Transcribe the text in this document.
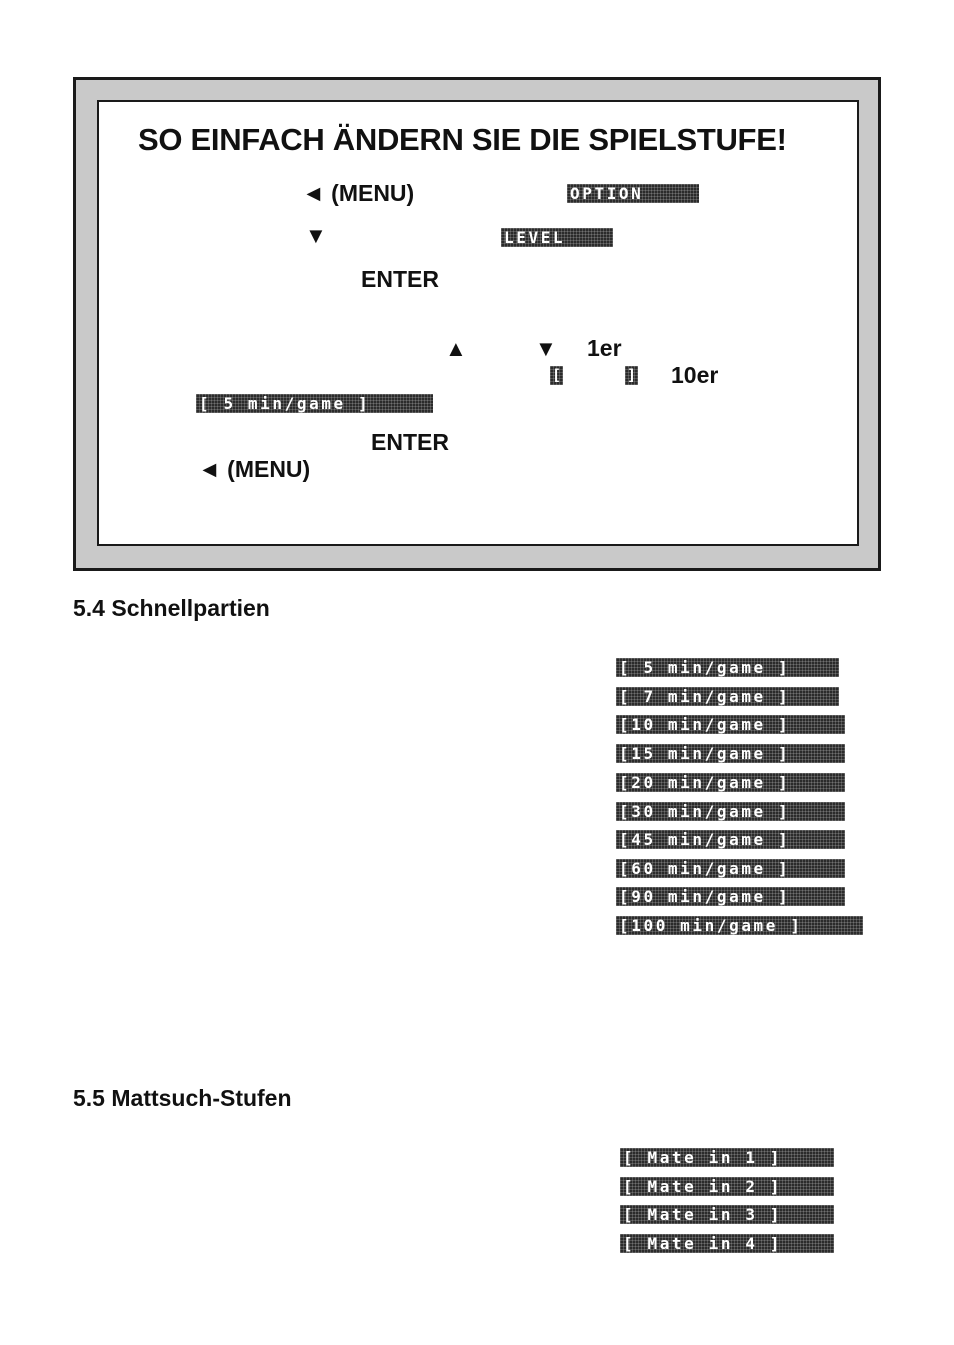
SO EINFACH ÄNDERN SIE DIE SPIELSTUFE!
◄ (MENU)	OPTION
▼	LEVEL
ENTER
▲	▼ 1er
[	] 10er
[ 5 min/game ]
ENTER
◄ (MENU)
5.4 Schnellpartien
[ 5 min/game ]
[ 7 min/game ]
[10 min/game ]
[15 min/game ]
[20 min/game ]
[30 min/game ]
[45 min/game ]
[60 min/game ]
[90 min/game ]
[100 min/game ]
5.5 Mattsuch-Stufen
[ Mate in 1 ]
[ Mate in 2 ]
[ Mate in 3 ]
[ Mate in 4 ]
